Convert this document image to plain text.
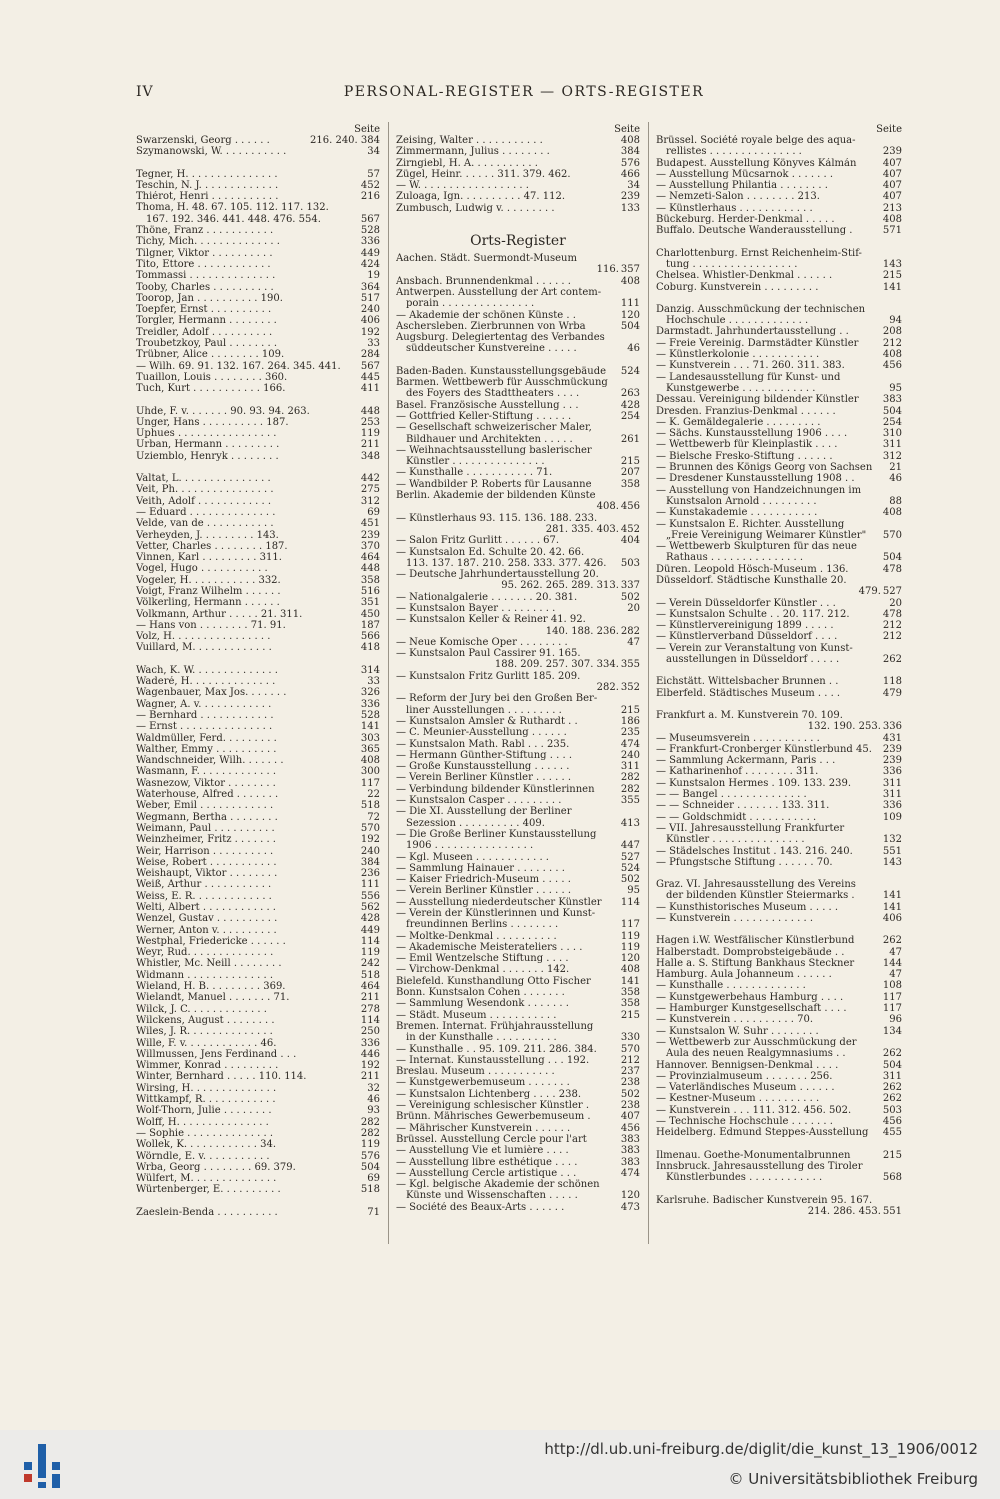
IV	PERSONAL-REGISTER — ORTS-REGISTER
Seite
216. 240. 384
Swarzenski, Georg . . . . . .
34
Szymanowski, W. . . . . . . . . . .
57
Tegner, H. . . . . . . . . . . . . . .
452
Teschin, N. J. . . . . . . . . . . . .
216
Thiérot, Henri . . . . . . . . . . .
Thoma, H. 48. 67. 105. 112. 117. 132.
567
167. 192. 346. 441. 448. 476. 554.
528
Thöne, Franz . . . . . . . . . . .
336
Tichy, Mich. . . . . . . . . . . . . .
449
Tilgner, Viktor . . . . . . . . . .
424
Tito, Ettore . . . . . . . . . . . .
19
Tommassi . . . . . . . . . . . . . .
364
Tooby, Charles . . . . . . . . . .
517
Toorop, Jan . . . . . . . . . . 190.
240
Toepfer, Ernst . . . . . . . . . .
406
Torgler, Hermann . . . . . . . .
192
Treidler, Adolf . . . . . . . . . .
33
Troubetzkoy, Paul . . . . . . . .
284
Trübner, Alice . . . . . . . . 109.
567
— Wilh. 69. 91. 132. 167. 264. 345. 441.
445
Tuaillon, Louis . . . . . . . . 360.
411
Tuch, Kurt . . . . . . . . . . . 166.
448
Uhde, F. v. . . . . . . 90. 93. 94. 263.
253
Unger, Hans . . . . . . . . . . 187.
119
Uphues . . . . . . . . . . . . . . . .
211
Urban, Hermann . . . . . . . . .
348
Uziemblo, Henryk . . . . . . . .
442
Valtat, L. . . . . . . . . . . . . . .
275
Veit, Ph. . . . . . . . . . . . . . . .
312
Veith, Adolf . . . . . . . . . . . .
69
— Eduard . . . . . . . . . . . . . .
451
Velde, van de . . . . . . . . . . .
239
Verheyden, J. . . . . . . . . 143.
370
Vetter, Charles . . . . . . . . 187.
464
Vinnen, Karl . . . . . . . . . 311.
448
Vogel, Hugo . . . . . . . . . . .
358
Vogeler, H. . . . . . . . . . . 332.
516
Voigt, Franz Wilhelm . . . . . .
351
Völkerling, Hermann . . . . . .
450
Volkmann, Arthur . . . . . 21. 311.
187
— Hans von . . . . . . . . 71. 91.
566
Volz, H. . . . . . . . . . . . . . . .
418
Vuillard, M. . . . . . . . . . . . .
314
Wach, K. W. . . . . . . . . . . . . .
33
Waderé, H. . . . . . . . . . . . . .
326
Wagenbauer, Max Jos. . . . . . .
336
Wagner, A. v. . . . . . . . . . . .
528
— Bernhard . . . . . . . . . . . .
141
— Ernst . . . . . . . . . . . . . . .
303
Waldmüller, Ferd. . . . . . . . .
365
Walther, Emmy . . . . . . . . . .
408
Wandschneider, Wilh. . . . . . .
300
Wasmann, F. . . . . . . . . . . . .
117
Wasnezow, Viktor . . . . . . . .
22
Waterhouse, Alfred . . . . . . .
518
Weber, Emil . . . . . . . . . . . .
72
Wegmann, Bertha . . . . . . . .
570
Weimann, Paul . . . . . . . . . .
192
Weinzheimer, Fritz . . . . . . .
240
Weir, Harrison . . . . . . . . . .
384
Weise, Robert . . . . . . . . . . .
236
Weishaupt, Viktor . . . . . . . .
111
Weiß, Arthur . . . . . . . . . . .
556
Weiss, E. R. . . . . . . . . . . . .
562
Welti, Albert . . . . . . . . . . . .
428
Wenzel, Gustav . . . . . . . . . .
449
Werner, Anton v. . . . . . . . . .
114
Westphal, Friedericke . . . . . .
119
Weyr, Rud. . . . . . . . . . . . . .
242
Whistler, Mc. Neill . . . . . . . .
518
Widmann . . . . . . . . . . . . . .
464
Wieland, H. B. . . . . . . . . 369.
211
Wielandt, Manuel . . . . . . . 71.
278
Wilck, J. C. . . . . . . . . . . . .
114
Wilckens, August . . . . . . . .
250
Wiles, J. R. . . . . . . . . . . . . .
336
Wille, F. v. . . . . . . . . . . . 46.
446
Willmussen, Jens Ferdinand . . .
192
Wimmer, Konrad . . . . . . . . .
211
Winter, Bernhard . . . . . 110. 114.
32
Wirsing, H. . . . . . . . . . . . . .
46
Wittkampf, R. . . . . . . . . . . .
93
Wolf-Thorn, Julie . . . . . . . .
282
Wolff, H. . . . . . . . . . . . . . .
282
— Sophie . . . . . . . . . . . . . .
119
Wollek, K. . . . . . . . . . . . 34.
576
Wörndle, E. v. . . . . . . . . . .
504
Wrba, Georg . . . . . . . . 69. 379.
69
Wülfert, M. . . . . . . . . . . . . .
518
Würtenberger, E. . . . . . . . . .
71
Zaeslein-Benda . . . . . . . . . .
Seite
408
Zeising, Walter . . . . . . . . . . .
384
Zimmermann, Julius . . . . . . . .
576
Zirngiebl, H. A. . . . . . . . . . .
466
Zügel, Heinr. . . . . . 311. 379. 462.
34
— W. . . . . . . . . . . . . . . . . .
239
Zuloaga, Ign. . . . . . . . . . 47. 112.
133
Zumbusch, Ludwig v. . . . . . . . .
Orts-Register
Aachen. Städt. Suermondt-Museum
357
116.
408
Ansbach. Brunnendenkmal . . . . . .
Antwerpen. Ausstellung der Art contem-
111
porain . . . . . . . . . . . . . . .
120
— Akademie der schönen Künste . .
504
Aschersleben. Zierbrunnen von Wrba
Augsburg. Delegiertentag des Verbandes
46
süddeutscher Kunstvereine . . . . .
524
Baden-Baden. Kunstausstellungsgebäude
Barmen. Wettbewerb für Ausschmückung
263
des Foyers des Stadttheaters . . . .
428
Basel. Französische Ausstellung . . .
254
— Gottfried Keller-Stiftung . . . . . .
— Gesellschaft schweizerischer Maler,
261
Bildhauer und Architekten . . . . .
— Weihnachtsausstellung baslerischer
215
Künstler . . . . . . . . . . . . . . .
207
— Kunsthalle . . . . . . . . . . . 71.
358
— Wandbilder P. Roberts für Lausanne
Berlin. Akademie der bildenden Künste
456
408.
— Künstlerhaus 93. 115. 136. 188. 233.
452
281. 335. 403.
404
— Salon Fritz Gurlitt . . . . . . 67.
— Kunstsalon Ed. Schulte 20. 42. 66.
503
113. 137. 187. 210. 258. 333. 377. 426.
— Deutsche Jahrhundertausstellung 20.
337
95. 262. 265. 289. 313.
502
— Nationalgalerie . . . . . . . 20. 381.
20
— Kunstsalon Bayer . . . . . . . . .
— Kunstsalon Keller & Reiner 41. 92.
282
140. 188. 236.
47
— Neue Komische Oper . . . . . . . .
— Kunstsalon Paul Cassirer 91. 165.
355
188. 209. 257. 307. 334.
— Kunstsalon Fritz Gurlitt 185. 209.
352
282.
— Reform der Jury bei den Großen Ber-
215
liner Ausstellungen . . . . . . . . .
186
— Kunstsalon Amsler & Ruthardt . .
235
— C. Meunier-Ausstellung . . . . . .
474
— Kunstsalon Math. Rabl . . . 235.
240
— Hermann Günther-Stiftung . . . .
311
— Große Kunstausstellung . . . . . .
282
— Verein Berliner Künstler . . . . . .
282
— Verbindung bildender Künstlerinnen
355
— Kunstsalon Casper . . . . . . . . .
— Die XI. Ausstellung der Berliner
413
Sezession . . . . . . . . . . 409.
— Die Große Berliner Kunstausstellung
447
1906 . . . . . . . . . . . . . . . .
527
— Kgl. Museen . . . . . . . . . . . .
524
— Sammlung Hainauer . . . . . . . .
502
— Kaiser Friedrich-Museum . . . . .
95
— Verein Berliner Künstler . . . . . .
114
— Ausstellung niederdeutscher Künstler
— Verein der Künstlerinnen und Kunst-
117
freundinnen Berlins . . . . . . . .
119
— Moltke-Denkmal . . . . . . . . . .
119
— Akademische Meisterateliers . . . .
120
— Emil Wentzelsche Stiftung . . . .
408
— Virchow-Denkmal . . . . . . . 142.
141
Bielefeld. Kunsthandlung Otto Fischer
358
Bonn. Kunstsalon Cohen . . . . . . .
358
— Sammlung Wesendonk . . . . . . .
215
— Städt. Museum . . . . . . . . . . .
Bremen. Internat. Frühjahrausstellung
330
in der Kunsthalle . . . . . . . . . .
570
— Kunsthalle . . 95. 109. 211. 286. 384.
212
— Internat. Kunstausstellung . . . 192.
237
Breslau. Museum . . . . . . . . . . .
238
— Kunstgewerbemuseum . . . . . . .
502
— Kunstsalon Lichtenberg . . . . 238.
238
— Vereinigung schlesischer Künstler .
407
Brünn. Mährisches Gewerbemuseum .
456
— Mährischer Kunstverein . . . . . .
383
Brüssel. Ausstellung Cercle pour l'art
383
— Ausstellung Vie et lumière . . . .
383
— Ausstellung libre esthétique . . . .
474
— Ausstellung Cercle artistique . . .
— Kgl. belgische Akademie der schönen
120
Künste und Wissenschaften . . . . .
473
— Société des Beaux-Arts . . . . . .
Seite
Brüssel. Société royale belge des aqua-
239
rellistes . . . . . . . . . . . . . . .
407
Budapest. Ausstellung Könyves Kálmán
407
— Ausstellung Mücsarnok . . . . . . .
407
— Ausstellung Philantia . . . . . . . .
407
— Nemzeti-Salon . . . . . . . . 213.
213
— Künstlerhaus . . . . . . . . . . . .
408
Bückeburg. Herder-Denkmal . . . . .
571
Buffalo. Deutsche Wanderausstellung .
Charlottenburg. Ernst Reichenheim-Stif-
143
tung . . . . . . . . . . . . . . . . .
215
Chelsea. Whistler-Denkmal . . . . . .
141
Coburg. Kunstverein . . . . . . . . .
Danzig. Ausschmückung der technischen
94
Hochschule . . . . . . . . . . . . .
208
Darmstadt. Jahrhundertausstellung . .
212
— Freie Vereinig. Darmstädter Künstler
408
— Künstlerkolonie . . . . . . . . . . .
456
— Kunstverein . . . 71. 260. 311. 383.
— Landesausstellung für Kunst- und
95
Kunstgewerbe . . . . . . . . . . . .
383
Dessau. Vereinigung bildender Künstler
504
Dresden. Franzius-Denkmal . . . . . .
254
— K. Gemäldegalerie . . . . . . . . .
310
— Sächs. Kunstausstellung 1906 . . . .
311
— Wettbewerb für Kleinplastik . . . .
312
— Bielsche Fresko-Stiftung . . . . . .
21
— Brunnen des Königs Georg von Sachsen
46
— Dresdener Kunstausstellung 1908 . .
— Ausstellung von Handzeichnungen im
88
Kunstsalon Arnold . . . . . . . . .
408
— Kunstakademie . . . . . . . . . . .
— Kunstsalon E. Richter. Ausstellung
570
„Freie Vereinigung Weimarer Künstler"
— Wettbewerb Skulpturen für das neue
504
Rathaus . . . . . . . . . . . . . . .
478
Düren. Leopold Hösch-Museum . 136.
Düsseldorf. Städtische Kunsthalle 20.
527
479.
20
— Verein Düsseldorfer Künstler . . .
478
— Kunstsalon Schulte . . 20. 117. 212.
212
— Künstlervereinigung 1899 . . . . .
212
— Künstlerverband Düsseldorf . . . .
— Verein zur Veranstaltung von Kunst-
262
ausstellungen in Düsseldorf . . . . .
118
Eichstätt. Wittelsbacher Brunnen . .
479
Elberfeld. Städtisches Museum . . . .
Frankfurt a. M. Kunstverein 70. 109.
336
132. 190. 253.
431
— Museumsverein . . . . . . . . . . .
239
— Frankfurt-Cronberger Künstlerbund 45.
239
— Sammlung Ackermann, Paris . . .
336
— Katharinenhof . . . . . . . . 311.
311
— Kunstsalon Hermes . 109. 133. 239.
311
— — Bangel . . . . . . . . . . . . . .
336
— — Schneider . . . . . . . 133. 311.
109
— — Goldschmidt . . . . . . . . . . .
— VII. Jahresausstellung Frankfurter
132
Künstler . . . . . . . . . . . . . . .
551
— Städelsches Institut . 143. 216. 240.
143
— Pfungstsche Stiftung . . . . . . 70.
Graz. VI. Jahresausstellung des Vereins
141
der bildenden Künstler Steiermarks .
141
— Kunsthistorisches Museum . . . . .
406
— Kunstverein . . . . . . . . . . . . .
262
Hagen i.W. Westfälischer Künstlerbund
47
Halberstadt. Domprobsteigebäude . .
144
Halle a. S. Stiftung Bankhaus Steckner
47
Hamburg. Aula Johanneum . . . . . .
108
— Kunsthalle . . . . . . . . . . . . .
117
— Kunstgewerbehaus Hamburg . . . .
117
— Hamburger Kunstgesellschaft . . . .
96
— Kunstverein . . . . . . . . . . 70.
134
— Kunstsalon W. Suhr . . . . . . . .
— Wettbewerb zur Ausschmückung der
262
Aula des neuen Realgymnasiums . .
504
Hannover. Bennigsen-Denkmal . . . .
311
— Provinzialmuseum . . . . . . . 256.
262
— Vaterländisches Museum . . . . . .
262
— Kestner-Museum . . . . . . . . . .
503
— Kunstverein . . . 111. 312. 456. 502.
456
— Technische Hochschule . . . . . . .
455
Heidelberg. Edmund Steppes-Ausstellung
215
Ilmenau. Goethe-Monumentalbrunnen
Innsbruck. Jahresausstellung des Tiroler
568
Künstlerbundes . . . . . . . . . . . .
Karlsruhe. Badischer Kunstverein 95. 167.
551
214. 286. 453.
http://dl.ub.uni-freiburg.de/diglit/die_kunst_13_1906/0012
© Universitätsbibliothek Freiburg
